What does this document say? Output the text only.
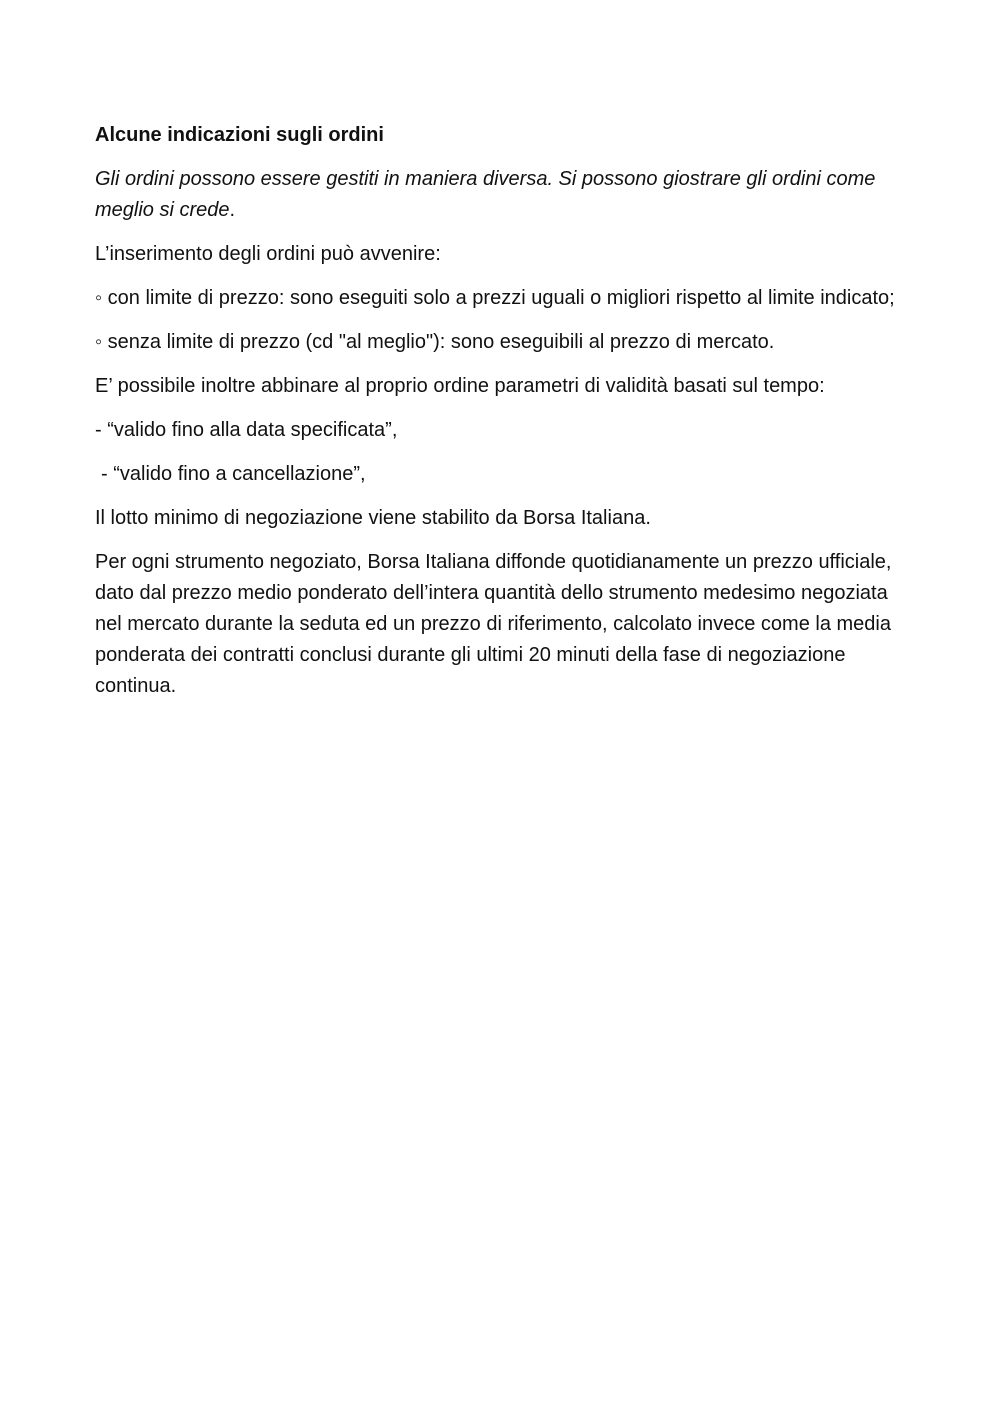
Alcune indicazioni sugli ordini

Gli ordini possono essere gestiti in maniera diversa. Si possono giostrare gli ordini come meglio si crede.

L’inserimento degli ordini può avvenire:

◦ con limite di prezzo: sono eseguiti solo a prezzi uguali o migliori rispetto al limite indicato;

◦ senza limite di prezzo (cd "al meglio"): sono eseguibili al prezzo di mercato.

E’ possibile inoltre abbinare al proprio ordine parametri di validità basati sul tempo:

- “valido fino alla data specificata”,

- “valido fino a cancellazione”,

Il lotto minimo di negoziazione viene stabilito da Borsa Italiana.

Per ogni strumento negoziato, Borsa Italiana diffonde quotidianamente un prezzo ufficiale, dato dal prezzo medio ponderato dell’intera quantità dello strumento medesimo negoziata nel mercato durante la seduta ed un prezzo di riferimento, calcolato invece come la media ponderata dei contratti conclusi durante gli ultimi 20 minuti della fase di negoziazione continua.
